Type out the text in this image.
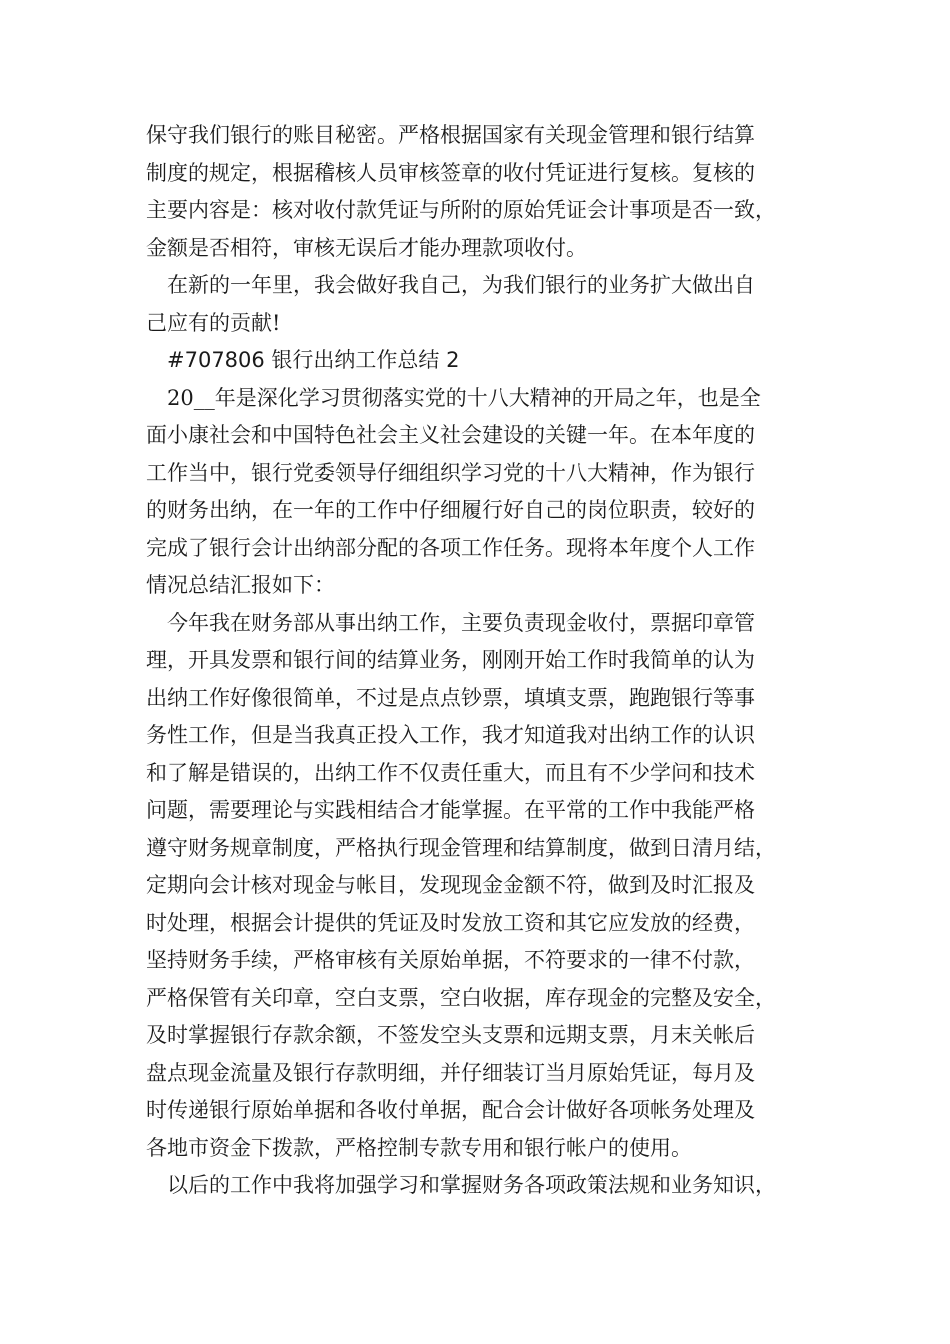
保守我们银行的账目秘密。严格根据国家有关现金管理和银行结算
制度的规定，根据稽核人员审核签章的收付凭证进行复核。复核的
主要内容是：核对收付款凭证与所附的原始凭证会计事项是否一致，
金额是否相符，审核无误后才能办理款项收付。
在新的一年里，我会做好我自己，为我们银行的业务扩大做出自
己应有的贡献!
#707806 银行出纳工作总结 2
20__年是深化学习贯彻落实党的十八大精神的开局之年，也是全
面小康社会和中国特色社会主义社会建设的关键一年。在本年度的
工作当中，银行党委领导仔细组织学习党的十八大精神，作为银行
的财务出纳，在一年的工作中仔细履行好自己的岗位职责，较好的
完成了银行会计出纳部分配的各项工作任务。现将本年度个人工作
情况总结汇报如下：
今年我在财务部从事出纳工作，主要负责现金收付，票据印章管
理，开具发票和银行间的结算业务，刚刚开始工作时我简单的认为
出纳工作好像很简单，不过是点点钞票，填填支票，跑跑银行等事
务性工作，但是当我真正投入工作，我才知道我对出纳工作的认识
和了解是错误的，出纳工作不仅责任重大，而且有不少学问和技术
问题，需要理论与实践相结合才能掌握。在平常的工作中我能严格
遵守财务规章制度，严格执行现金管理和结算制度，做到日清月结，
定期向会计核对现金与帐目，发现现金金额不符，做到及时汇报及
时处理，根据会计提供的凭证及时发放工资和其它应发放的经费，
坚持财务手续，严格审核有关原始单据，不符要求的一律不付款，
严格保管有关印章，空白支票，空白收据，库存现金的完整及安全，
及时掌握银行存款余额，不签发空头支票和远期支票，月末关帐后
盘点现金流量及银行存款明细，并仔细装订当月原始凭证，每月及
时传递银行原始单据和各收付单据，配合会计做好各项帐务处理及
各地市资金下拨款，严格控制专款专用和银行帐户的使用。
以后的工作中我将加强学习和掌握财务各项政策法规和业务知识，
